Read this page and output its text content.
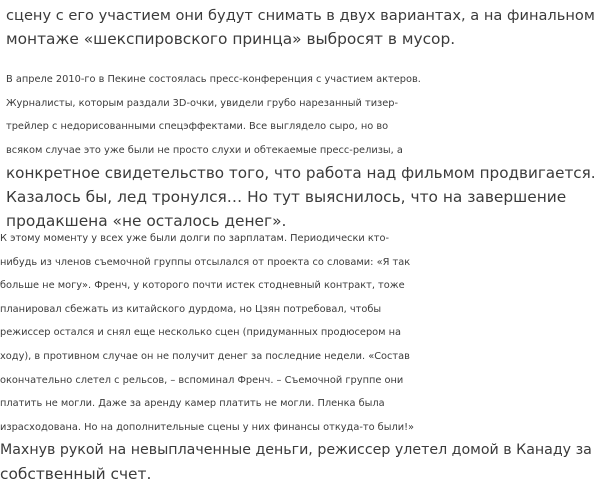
сцену с его участием они будут снимать в двух вариантах, а на финальном
монтаже «шекспировского принца» выбросят в мусор.

В апреле 2010-го в Пекине состоялась пресс-конференция с участием актеров.
Журналисты, которым раздали 3D-очки, увидели грубо нарезанный тизер-
трейлер с недорисованными спецэффектами. Все выглядело сыро, но во
всяком случае это уже были не просто слухи и обтекаемые пресс-релизы, а
конкретное свидетельство того, что работа над фильмом продвигается.
Казалось бы, лед тронулся… Но тут выяснилось, что на завершение
продакшена «не осталось денег».

К этому моменту у всех уже были долги по зарплатам. Периодически кто-
нибудь из членов съемочной группы отсылался от проекта со словами: «Я так
больше не могу». Френч, у которого почти истек стодневный контракт, тоже
планировал сбежать из китайского дурдома, но Цзян потребовал, чтобы
режиссер остался и снял еще несколько сцен (придуманных продюсером на
ходу), в противном случае он не получит денег за последние недели. «Состав
окончательно слетел с рельсов, – вспоминал Френч. – Съемочной группе они
платить не могли. Даже за аренду камер платить не могли. Пленка была
израсходована. Но на дополнительные сцены у них финансы откуда-то были!»
Махнув рукой на невыплаченные деньги, режиссер улетел домой в Канаду за
собственный счет.
